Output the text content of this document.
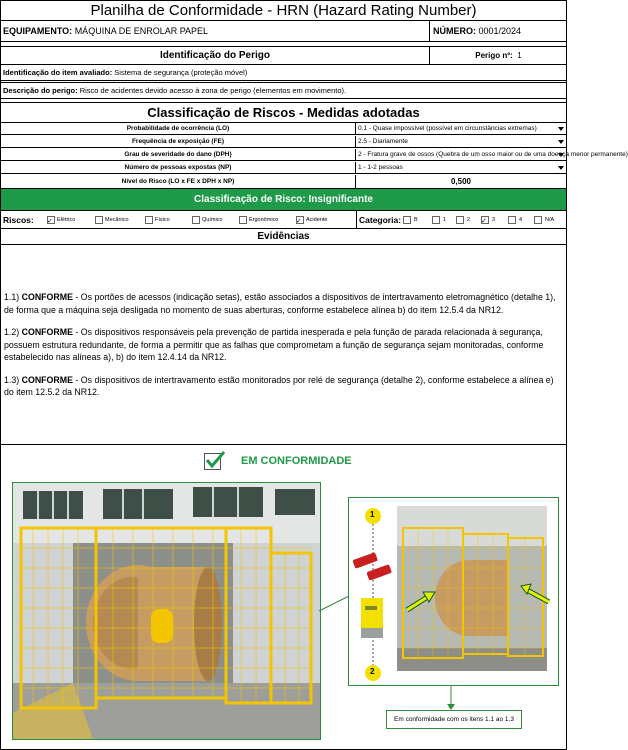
Planilha de Conformidade - HRN (Hazard Rating Number)
EQUIPAMENTO: MÁQUINA DE ENROLAR PAPEL	NÚMERO: 0001/2024
Identificação do Perigo	Perigo nº: 1
Identificação do item avaliado: Sistema de segurança (proteção móvel)
Descrição do perigo: Risco de acidentes devido acesso à zona de perigo (elementos em movimento).
Classificação de Riscos - Medidas adotadas
Probabilidade de ocorrência (LO)	0.1 - Quase impossível (possível em circunstâncias extremas)
Frequência de exposição (FE)	2.5 - Diariamente
Grau de severidade do dano (DPH)	2 - Fratura grave de ossos (Quebra de um osso maior ou de uma doença menor permanente)
Número de pessoas expostas (NP)	1 - 1-2 pessoas
Nível do Risco (LO x FE x DPH x NP)	0,500
Classificação de Risco: Insignificante
Riscos: ✓	Elétrico	Mecânico	Físico	Químico	Ergonômico ✓	Acidente	Categoria: B	1	2 ✓	3	4	N/A
Evidências

1.1) CONFORME - Os portões de acessos (indicação setas), estão associados a dispositivos de intertravamento eletromagnético (detalhe 1), de forma que a máquina seja desligada no momento de suas aberturas, conforme estabelece alínea b) do item 12.5.4 da NR12.

1.2) CONFORME - Os dispositivos responsáveis pela prevenção de partida inesperada e pela função de parada relacionada à segurança, possuem estrutura redundante, de forma a permitir que as falhas que comprometam a função de segurança sejam monitoradas, conforme estabelecido nas alíneas a), b) do item 12.4.14 da NR12.

1.3) CONFORME - Os dispositivos de intertravamento estão monitorados por relé de segurança (detalhe 2), conforme estabelece a alínea e) do item 12.5.2 da NR12.

EM CONFORMIDADE
1
2
Em conformidade com os itens 1.1 ao 1.3
